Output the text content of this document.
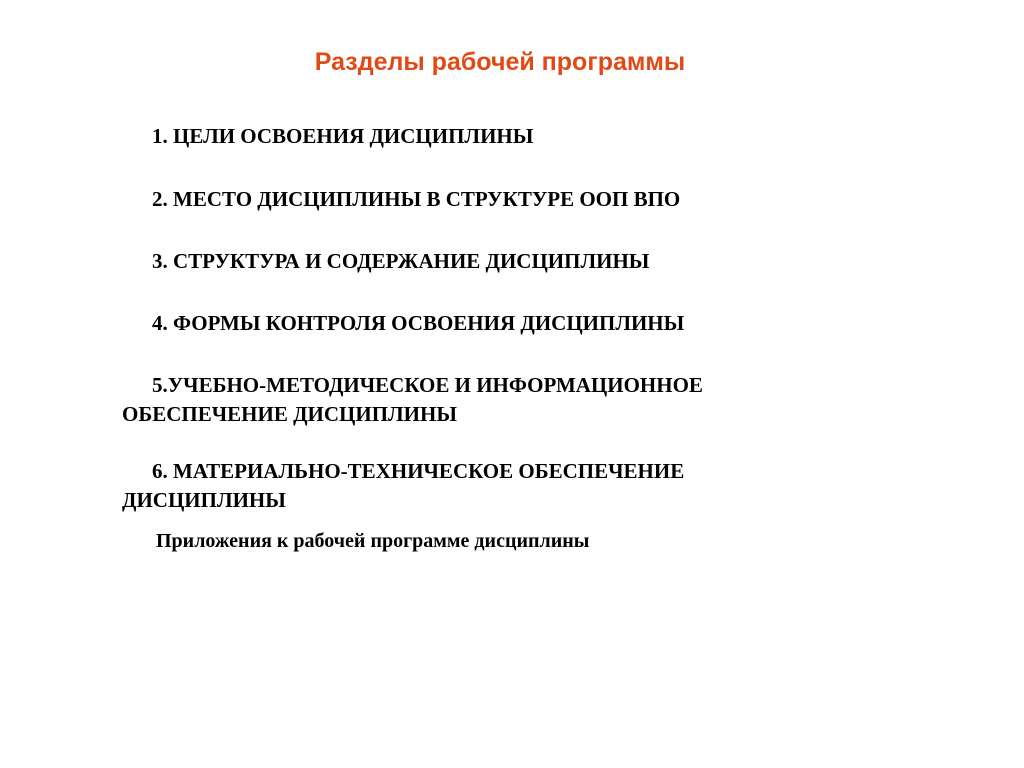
Разделы рабочей программы
1. ЦЕЛИ ОСВОЕНИЯ ДИСЦИПЛИНЫ
2. МЕСТО ДИСЦИПЛИНЫ В СТРУКТУРЕ ООП ВПО
3. СТРУКТУРА И СОДЕРЖАНИЕ ДИСЦИПЛИНЫ
4. ФОРМЫ КОНТРОЛЯ ОСВОЕНИЯ ДИСЦИПЛИНЫ
5.УЧЕБНО-МЕТОДИЧЕСКОЕ И ИНФОРМАЦИОННОЕ ОБЕСПЕЧЕНИЕ ДИСЦИПЛИНЫ
6. МАТЕРИАЛЬНО-ТЕХНИЧЕСКОЕ ОБЕСПЕЧЕНИЕ ДИСЦИПЛИНЫ
Приложения к рабочей программе дисциплины
